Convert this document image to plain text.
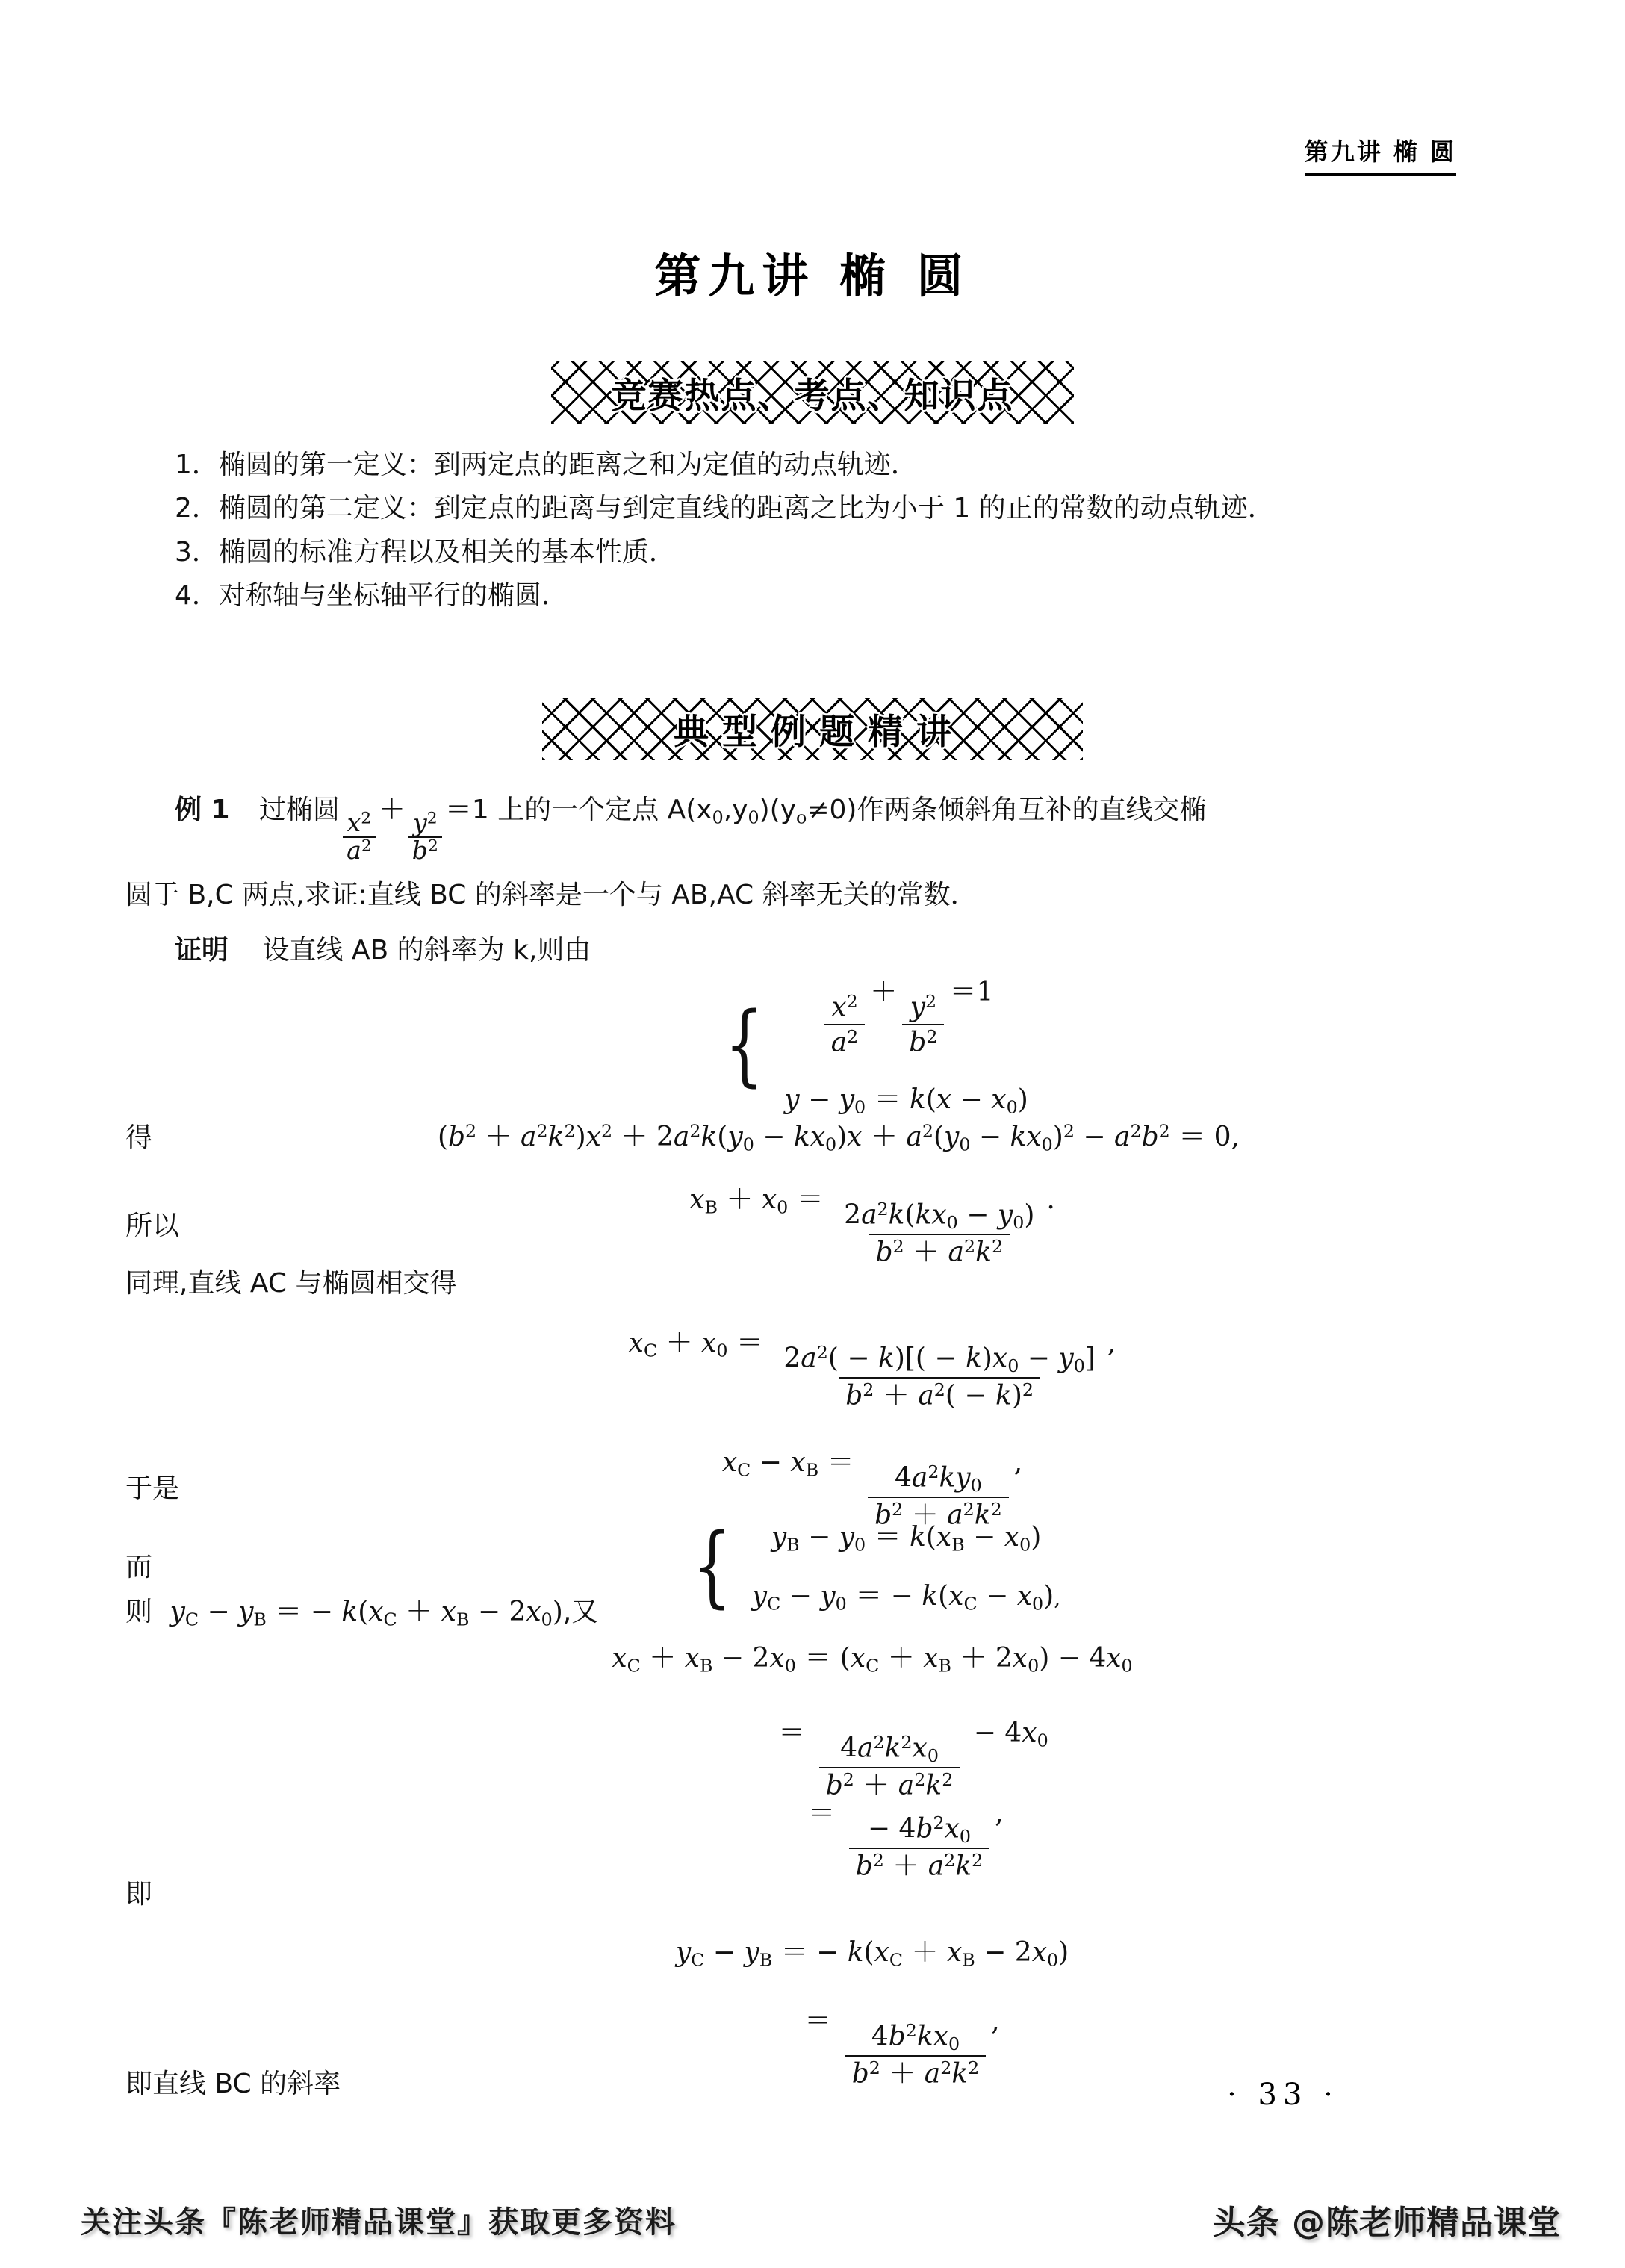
第九讲 椭 圆
第九讲 椭 圆
竞赛热点、考点、知识点
1．椭圆的第一定义：到两定点的距离之和为定值的动点轨迹．
2．椭圆的第二定义：到定点的距离与到定直线的距离之比为小于 1 的正的常数的动点轨迹．
3．椭圆的标准方程以及相关的基本性质．
4．对称轴与坐标轴平行的椭圆．
典型例题精讲
例 1 过椭圆
$\frac{x^2}{a^2}$
＋
$\frac{y^2}{b^2}$
＝1 上的一个定点 $A(x_0,y_0)(y_o\ne 0)$作两条倾斜角互补的直线交椭
圆于 B,C 两点,求证:直线 BC 的斜率是一个与 AB,AC 斜率无关的常数．
证明 设直线 AB 的斜率为 k,则由
{ $\frac{x^2}{a^2} + \frac{y^2}{b^2} =1$
$y - y_0 = k(x - x_0)$
得	$(b^2 + a^2k^2)x^2 + 2a^2k(y_0 - kx_0)x + a^2(y_0 - kx_0)^2 - a^2b^2 = 0$,
所以
$x_B + x_0 = \frac{2a^2k(kx_0 - y_0)}{b^2 + a^2k^2}$ .
同理,直线 AC 与椭圆相交得
$x_C + x_0 = \frac{2a^2( - k)[( - k)x_0 - y_0]}{b^2 + a^2( - k)^2}$ ,
于是
$x_C - x_B = \frac{4a^2ky_0}{b^2 + a^2k^2}$ ,
而	{	$y_B - y_0 = k(x_B - x_0)$
$y_C - y_0$ ＝ − $k(x_C - x_0)$,
则 $y_C - y_B$ ＝ − $k(x_C + x_B - 2x_0)$,又
$x_C + x_B - 2x_0 = (x_C + x_B + 2x_0) - 4x_0$
＝ $\frac{4a^2k^2x_0}{b^2 + a^2k^2} - 4x_0$
＝ $\frac{- 4b^2x_0}{b^2 + a^2k^2}$ ,
即
$y_C - y_B$ ＝ − $k(x_C + x_B - 2x_0)$
＝ $\frac{4b^2kx_0}{b^2 + a^2k^2}$ ,
即直线 BC 的斜率	· 33 ·
关注头条『陈老师精品课堂』获取更多资料	头条 @陈老师精品课堂
